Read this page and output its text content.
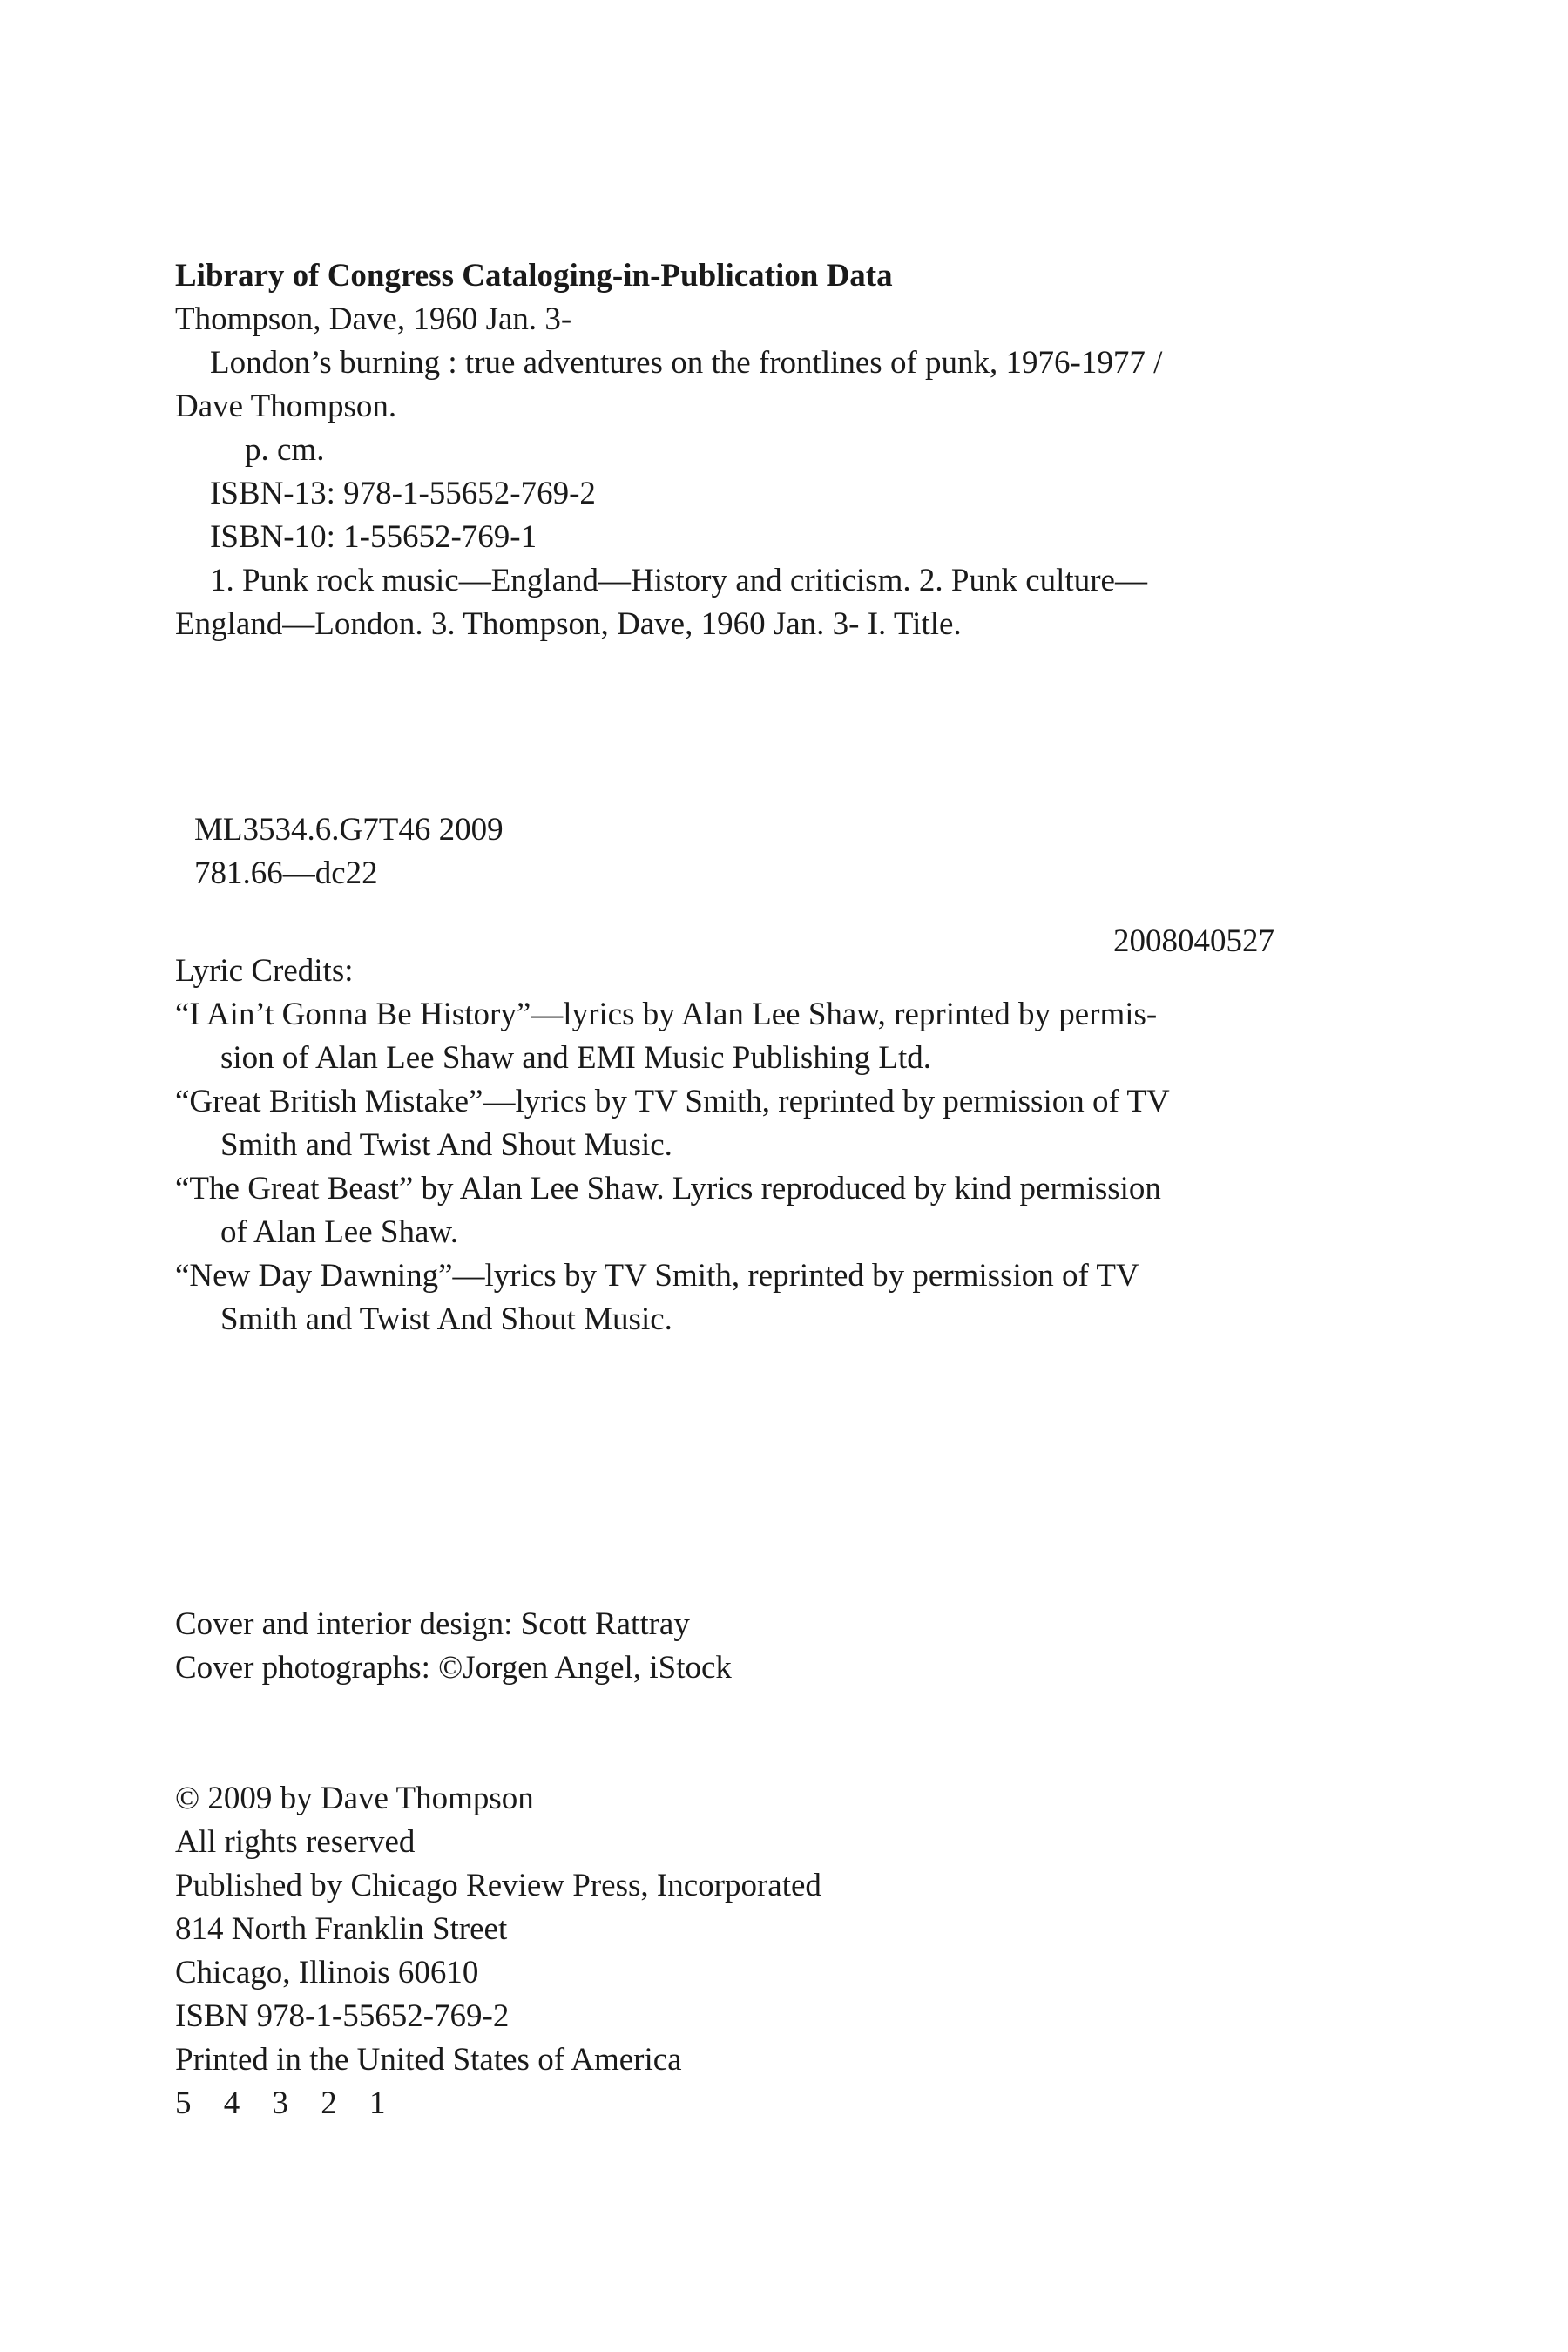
Library of Congress Cataloging-in-Publication Data
Thompson, Dave, 1960 Jan. 3-
London’s burning : true adventures on the frontlines of punk, 1976-1977 /
Dave Thompson.
p. cm.
ISBN-13: 978-1-55652-769-2
ISBN-10: 1-55652-769-1
1. Punk rock music—England—History and criticism. 2. Punk culture—
England—London. 3. Thompson, Dave, 1960 Jan. 3- I. Title.
ML3534.6.G7T46 2009
781.66—dc22
2008040527
Lyric Credits:
“I Ain’t Gonna Be History”—lyrics by Alan Lee Shaw, reprinted by permis-
sion of Alan Lee Shaw and EMI Music Publishing Ltd.
“Great British Mistake”—lyrics by TV Smith, reprinted by permission of TV
Smith and Twist And Shout Music.
“The Great Beast” by Alan Lee Shaw. Lyrics reproduced by kind permission
of Alan Lee Shaw.
“New Day Dawning”—lyrics by TV Smith, reprinted by permission of TV
Smith and Twist And Shout Music.
Cover and interior design: Scott Rattray
Cover photographs: ©Jorgen Angel, iStock
© 2009 by Dave Thompson
All rights reserved
Published by Chicago Review Press, Incorporated
814 North Franklin Street
Chicago, Illinois 60610
ISBN 978-1-55652-769-2
Printed in the United States of America
5 4 3 2 1
